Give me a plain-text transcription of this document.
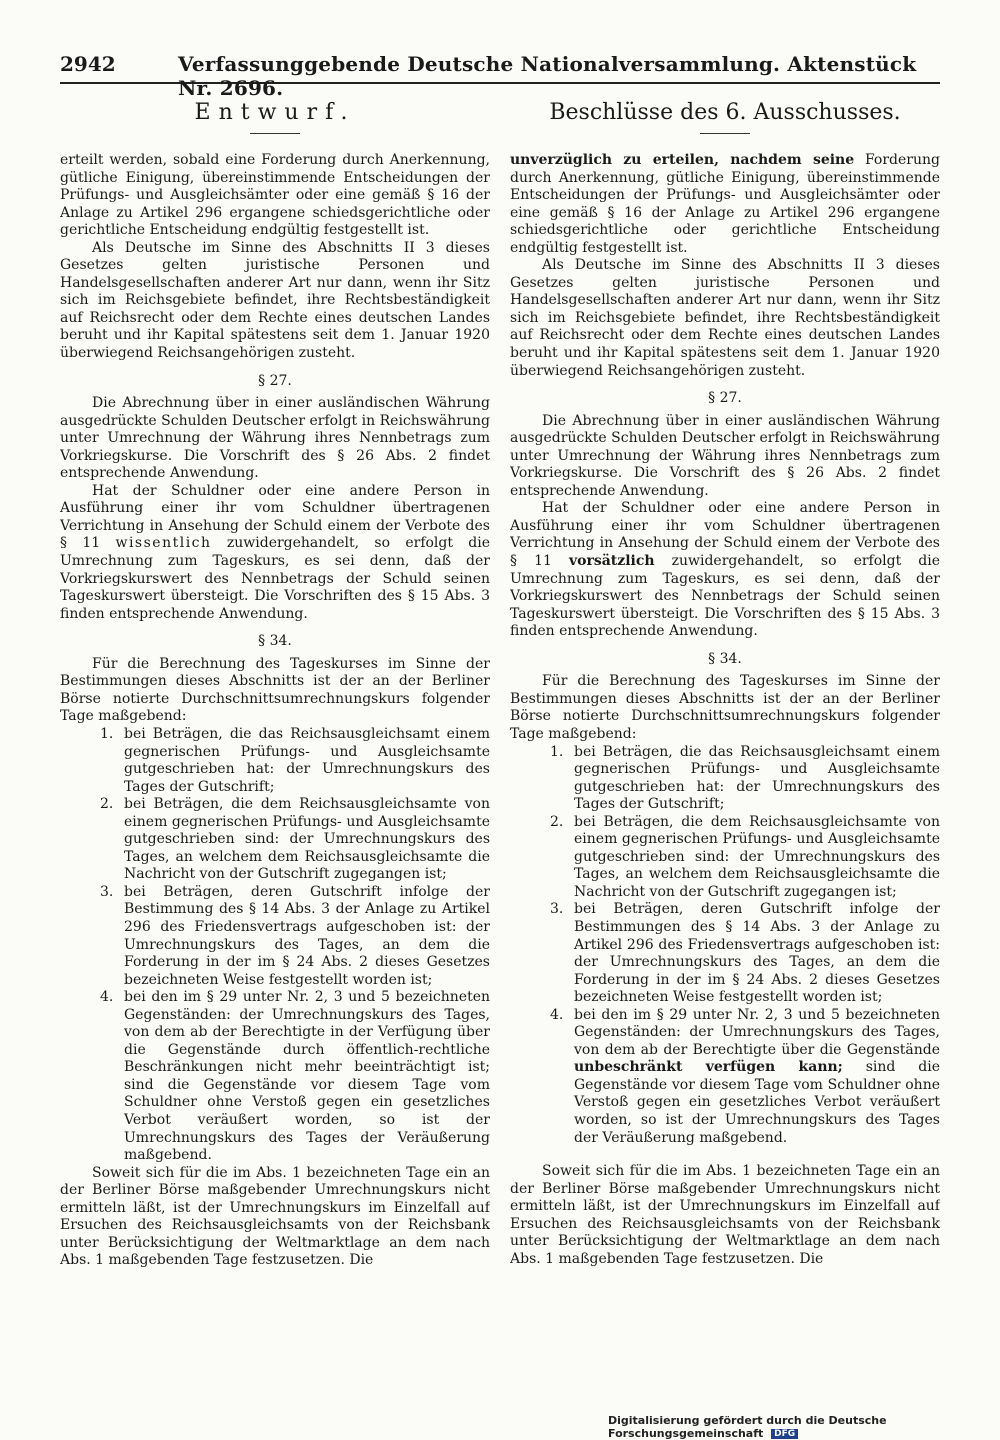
2942	Verfassunggebende Deutsche Nationalversammlung. Aktenstück Nr. 2696.
Entwurf.	Beschlüsse des 6. Ausschusses.

erteilt werden, sobald eine Forderung durch Anerkennung, gütliche Einigung, übereinstimmende Entscheidungen der Prüfungs- und Ausgleichsämter oder eine gemäß § 16 der Anlage zu Artikel 296 ergangene schiedsgerichtliche oder gerichtliche Entscheidung endgültig festgestellt ist.

Als Deutsche im Sinne des Abschnitts II 3 dieses Gesetzes gelten juristische Personen und Handelsgesellschaften anderer Art nur dann, wenn ihr Sitz sich im Reichsgebiete befindet, ihre Rechtsbeständigkeit auf Reichsrecht oder dem Rechte eines deutschen Landes beruht und ihr Kapital spätestens seit dem 1. Januar 1920 überwiegend Reichsangehörigen zusteht.

§ 27.

Die Abrechnung über in einer ausländischen Währung ausgedrückte Schulden Deutscher erfolgt in Reichswährung unter Umrechnung der Währung ihres Nennbetrags zum Vorkriegskurse. Die Vorschrift des § 26 Abs. 2 findet entsprechende Anwendung.

Hat der Schuldner oder eine andere Person in Ausführung einer ihr vom Schuldner übertragenen Verrichtung in Ansehung der Schuld einem der Verbote des § 11 wissentlich zuwidergehandelt, so erfolgt die Umrechnung zum Tageskurs, es sei denn, daß der Vorkriegskurswert des Nennbetrags der Schuld seinen Tageskurswert übersteigt. Die Vorschriften des § 15 Abs. 3 finden entsprechende Anwendung.

§ 34.

Für die Berechnung des Tageskurses im Sinne der Bestimmungen dieses Abschnitts ist der an der Berliner Börse notierte Durchschnittsumrechnungskurs folgender Tage maßgebend:

1. bei Beträgen, die das Reichsausgleichsamt einem gegnerischen Prüfungs- und Ausgleichsamte gutgeschrieben hat: der Umrechnungskurs des Tages der Gutschrift;
2. bei Beträgen, die dem Reichsausgleichsamte von einem gegnerischen Prüfungs- und Ausgleichsamte gutgeschrieben sind: der Umrechnungskurs des Tages, an welchem dem Reichsausgleichsamte die Nachricht von der Gutschrift zugegangen ist;
3. bei Beträgen, deren Gutschrift infolge der Bestimmung des § 14 Abs. 3 der Anlage zu Artikel 296 des Friedensvertrags aufgeschoben ist: der Umrechnungskurs des Tages, an dem die Forderung in der im § 24 Abs. 2 dieses Gesetzes bezeichneten Weise festgestellt worden ist;
4. bei den im § 29 unter Nr. 2, 3 und 5 bezeichneten Gegenständen: der Umrechnungskurs des Tages, von dem ab der Berechtigte in der Verfügung über die Gegenstände durch öffentlich-rechtliche Beschränkungen nicht mehr beeinträchtigt ist; sind die Gegenstände vor diesem Tage vom Schuldner ohne Verstoß gegen ein gesetzliches Verbot veräußert worden, so ist der Umrechnungskurs des Tages der Veräußerung maßgebend.

Soweit sich für die im Abs. 1 bezeichneten Tage ein an der Berliner Börse maßgebender Umrechnungskurs nicht ermitteln läßt, ist der Umrechnungskurs im Einzelfall auf Ersuchen des Reichsausgleichsamts von der Reichsbank unter Berücksichtigung der Weltmarktlage an dem nach Abs. 1 maßgebenden Tage festzusetzen. Die

unverzüglich zu erteilen, nachdem seine Forderung durch Anerkennung, gütliche Einigung, übereinstimmende Entscheidungen der Prüfungs- und Ausgleichsämter oder eine gemäß § 16 der Anlage zu Artikel 296 ergangene schiedsgerichtliche oder gerichtliche Entscheidung endgültig festgestellt ist.

Als Deutsche im Sinne des Abschnitts II 3 dieses Gesetzes gelten juristische Personen und Handelsgesellschaften anderer Art nur dann, wenn ihr Sitz sich im Reichsgebiete befindet, ihre Rechtsbeständigkeit auf Reichsrecht oder dem Rechte eines deutschen Landes beruht und ihr Kapital spätestens seit dem 1. Januar 1920 überwiegend Reichsangehörigen zusteht.

§ 27.

Die Abrechnung über in einer ausländischen Währung ausgedrückte Schulden Deutscher erfolgt in Reichswährung unter Umrechnung der Währung ihres Nennbetrags zum Vorkriegskurse. Die Vorschrift des § 26 Abs. 2 findet entsprechende Anwendung.

Hat der Schuldner oder eine andere Person in Ausführung einer ihr vom Schuldner übertragenen Verrichtung in Ansehung der Schuld einem der Verbote des § 11 vorsätzlich zuwidergehandelt, so erfolgt die Umrechnung zum Tageskurs, es sei denn, daß der Vorkriegskurswert des Nennbetrags der Schuld seinen Tageskurswert übersteigt. Die Vorschriften des § 15 Abs. 3 finden entsprechende Anwendung.

§ 34.

Für die Berechnung des Tageskurses im Sinne der Bestimmungen dieses Abschnitts ist der an der Berliner Börse notierte Durchschnittsumrechnungskurs folgender Tage maßgebend:

1. bei Beträgen, die das Reichsausgleichsamt einem gegnerischen Prüfungs- und Ausgleichsamte gutgeschrieben hat: der Umrechnungskurs des Tages der Gutschrift;
2. bei Beträgen, die dem Reichsausgleichsamte von einem gegnerischen Prüfungs- und Ausgleichsamte gutgeschrieben sind: der Umrechnungskurs des Tages, an welchem dem Reichsausgleichsamte die Nachricht von der Gutschrift zugegangen ist;
3. bei Beträgen, deren Gutschrift infolge der Bestimmungen des § 14 Abs. 3 der Anlage zu Artikel 296 des Friedensvertrags aufgeschoben ist: der Umrechnungskurs des Tages, an dem die Forderung in der im § 24 Abs. 2 dieses Gesetzes bezeichneten Weise festgestellt worden ist;
4. bei den im § 29 unter Nr. 2, 3 und 5 bezeichneten Gegenständen: der Umrechnungskurs des Tages, von dem ab der Berechtigte über die Gegenstände unbeschränkt verfügen kann; sind die Gegenstände vor diesem Tage vom Schuldner ohne Verstoß gegen ein gesetzliches Verbot veräußert worden, so ist der Umrechnungskurs des Tages der Veräußerung maßgebend.

Soweit sich für die im Abs. 1 bezeichneten Tage ein an der Berliner Börse maßgebender Umrechnungskurs nicht ermitteln läßt, ist der Umrechnungskurs im Einzelfall auf Ersuchen des Reichsausgleichsamts von der Reichsbank unter Berücksichtigung der Weltmarktlage an dem nach Abs. 1 maßgebenden Tage festzusetzen. Die

Digitalisierung gefördert durch die Deutsche Forschungsgemeinschaft DFG
